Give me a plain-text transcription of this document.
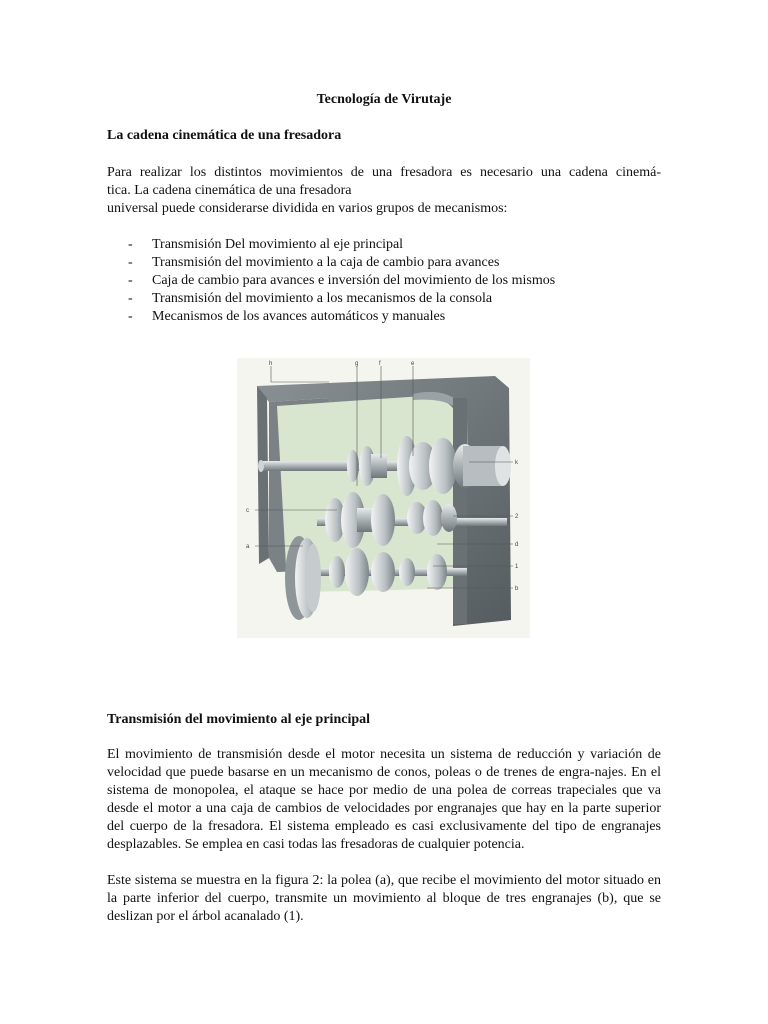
Tecnología de Virutaje
La cadena cinemática de una fresadora
Para realizar los distintos movimientos de una fresadora es necesario una cadena cinemá-
tica. La cadena cinemática de una fresadora
universal puede considerarse dividida en varios grupos de mecanismos:
- Transmisión Del movimiento al eje principal
- Transmisión del movimiento a la caja de cambio para avances
- Caja de cambio para avances e inversión del movimiento de los mismos
- Transmisión del movimiento a los mecanismos de la consola
- Mecanismos de los avances automáticos y manuales
h	g	f	e
c
a
k
2
d
1
b
Transmisión del movimiento al eje principal
El movimiento de transmisión desde el motor necesita un sistema de reducción y variación de velocidad que puede basarse en un mecanismo de conos, poleas o de trenes de engra-najes. En el sistema de monopolea, el ataque se hace por medio de una polea de correas trapeciales que va desde el motor a una caja de cambios de velocidades por engranajes que hay en la parte superior del cuerpo de la fresadora. El sistema empleado es casi exclusivamente del tipo de engranajes desplazables. Se emplea en casi todas las fresadoras de cualquier potencia.
Este sistema se muestra en la figura 2: la polea (a), que recibe el movimiento del motor situado en la parte inferior del cuerpo, transmite un movimiento al bloque de tres engranajes (b), que se deslizan por el árbol acanalado (1).
